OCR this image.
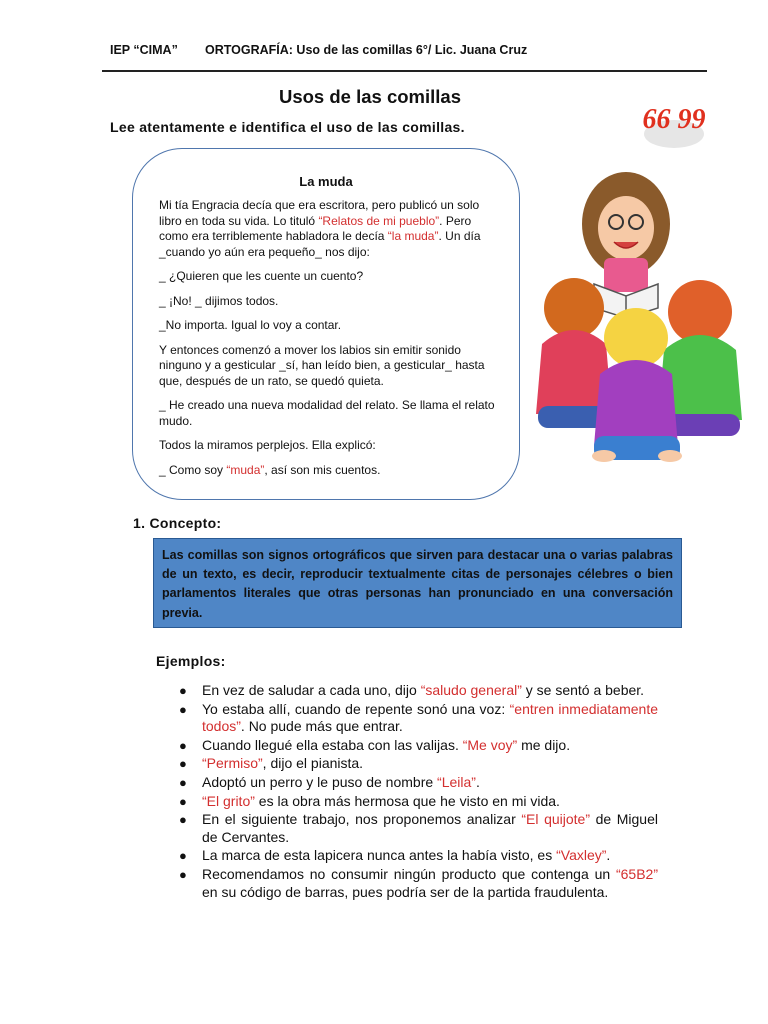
IEP “CIMA” ORTOGRAFÍA: Uso de las comillas 6°/ Lic. Juana Cruz
Usos de las comillas
Lee atentamente e identifica el uso de las comillas.	66 99
La muda

Mi tía Engracia decía que era escritora, pero publicó un solo libro en toda su vida. Lo tituló “Relatos de mi pueblo”. Pero como era terriblemente habladora le decía “la muda”. Un día _cuando yo aún era pequeño_ nos dijo:

_ ¿Quieren que les cuente un cuento?

_ ¡No! _ dijimos todos.

_No importa. Igual lo voy a contar.

Y entonces comenzó a mover los labios sin emitir sonido ninguno y a gesticular _sí, han leído bien, a gesticular_ hasta que, después de un rato, se quedó quieta.

_ He creado una nueva modalidad del relato. Se llama el relato mudo.

Todos la miramos perplejos. Ella explicó:

_ Como soy “muda”, así son mis cuentos.

1. Concepto:
Las comillas son signos ortográficos que sirven para destacar una o varias palabras de un texto, es decir, reproducir textualmente citas de personajes célebres o bien parlamentos literales que otras personas han pronunciado en una conversación previa.
Ejemplos:
● En vez de saludar a cada uno, dijo “saludo general” y se sentó a beber.
● Yo estaba allí, cuando de repente sonó una voz: “entren inmediatamente todos”. No pude más que entrar.
● Cuando llegué ella estaba con las valijas. “Me voy” me dijo.
● “Permiso”, dijo el pianista.
● Adoptó un perro y le puso de nombre “Leila”.
● “El grito” es la obra más hermosa que he visto en mi vida.
● En el siguiente trabajo, nos proponemos analizar “El quijote” de Miguel de Cervantes.
● La marca de esta lapicera nunca antes la había visto, es “Vaxley”.
● Recomendamos no consumir ningún producto que contenga un “65B2” en su código de barras, pues podría ser de la partida fraudulenta.
